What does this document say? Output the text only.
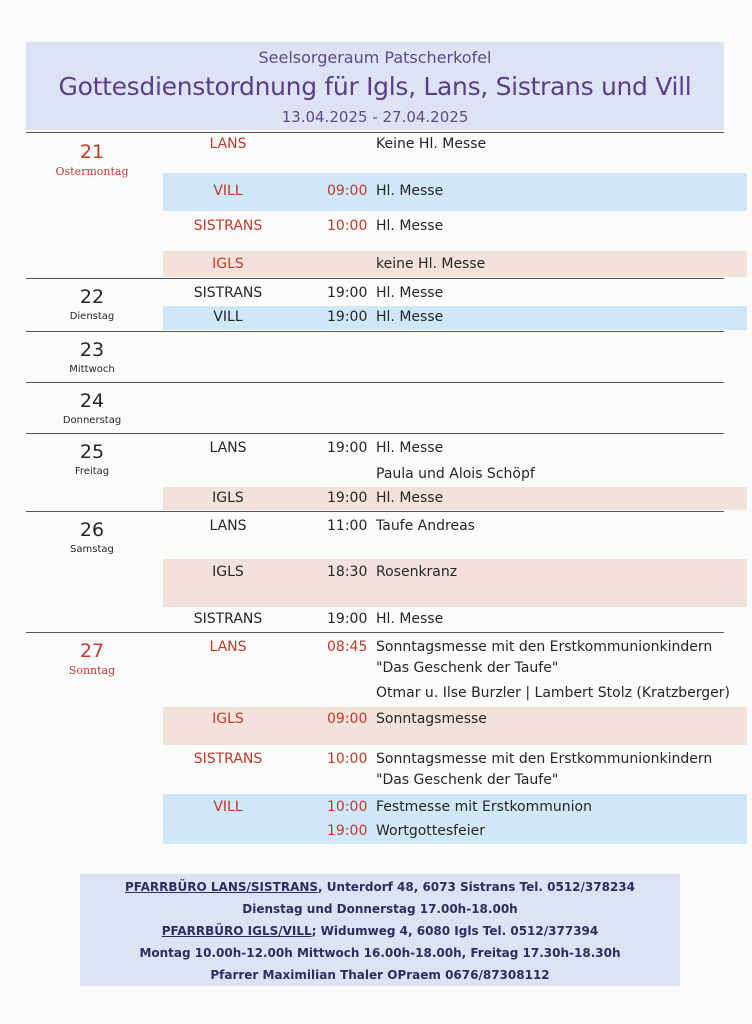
Seelsorgeraum Patscherkofel
Gottesdienstordnung für Igls, Lans, Sistrans und Vill
13.04.2025 - 27.04.2025
21
Ostermontag
LANS	Keine Hl. Messe
VILL	09:00 Hl. Messe
SISTRANS	10:00 Hl. Messe
IGLS	keine Hl. Messe
22
Dienstag
SISTRANS	19:00 Hl. Messe
VILL	19:00 Hl. Messe
23
Mittwoch
24
Donnerstag
25
Freitag
LANS	19:00 Hl. Messe
Paula und Alois Schöpf
IGLS	19:00 Hl. Messe
26
Samstag
LANS	11:00 Taufe Andreas
IGLS	18:30 Rosenkranz
SISTRANS	19:00 Hl. Messe
27
Sonntag
LANS	08:45 Sonntagsmesse mit den Erstkommunionkindern
"Das Geschenk der Taufe"
Otmar u. Ilse Burzler | Lambert Stolz (Kratzberger)
IGLS	09:00 Sonntagsmesse
SISTRANS	10:00 Sonntagsmesse mit den Erstkommunionkindern
"Das Geschenk der Taufe"
VILL	10:00 Festmesse mit Erstkommunion
19:00 Wortgottesfeier
PFARRBÜRO LANS/SISTRANS, Unterdorf 48, 6073 Sistrans Tel. 0512/378234
Dienstag und Donnerstag 17.00h-18.00h
PFARRBÜRO IGLS/VILL; Widumweg 4, 6080 Igls Tel. 0512/377394
Montag 10.00h-12.00h Mittwoch 16.00h-18.00h, Freitag 17.30h-18.30h
Pfarrer Maximilian Thaler OPraem 0676/87308112
